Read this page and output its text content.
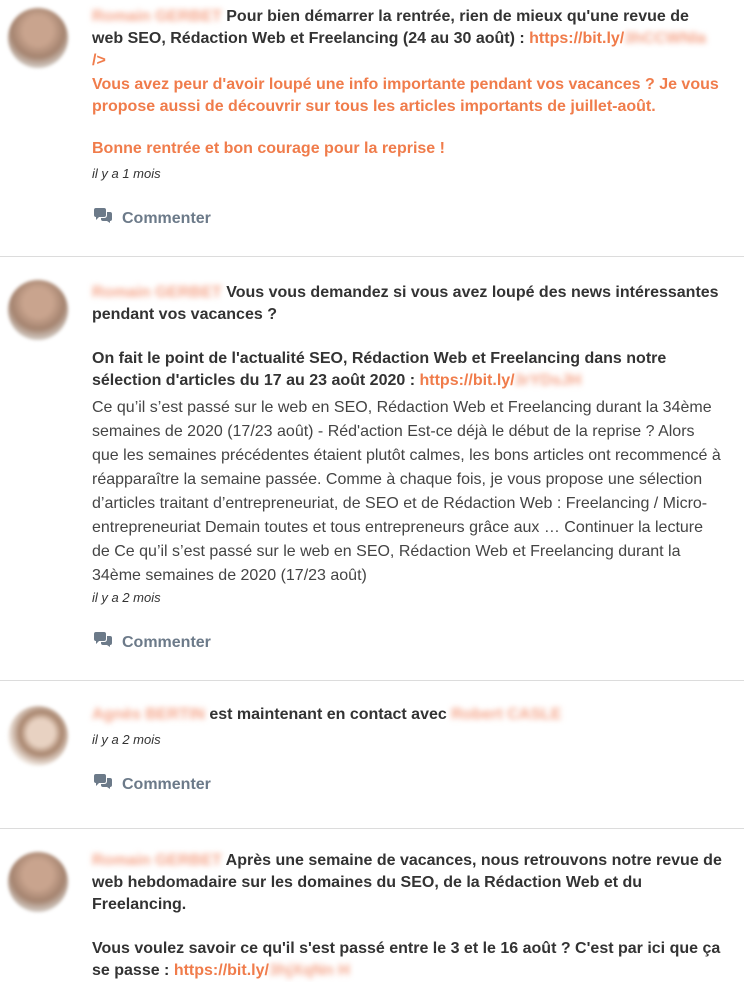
Romain GERBET Pour bien démarrer la rentrée, rien de mieux qu'une revue de web SEO, Rédaction Web et Freelancing (24 au 30 août) : https://bit.ly/3hCCWNIa />
Vous avez peur d'avoir loupé une info importante pendant vos vacances ? Je vous propose aussi de découvrir sur tous les articles importants de juillet-août.
Bonne rentrée et bon courage pour la reprise !
il y a 1 mois
Commenter
Romain GERBET Vous vous demandez si vous avez loupé des news intéressantes pendant vos vacances ?
On fait le point de l'actualité SEO, Rédaction Web et Freelancing dans notre sélection d'articles du 17 au 23 août 2020 : https://bit.ly/3rYDsJH
Ce qu’il s’est passé sur le web en SEO, Rédaction Web et Freelancing durant la 34ème semaines de 2020 (17/23 août) - Réd'action Est-ce déjà le début de la reprise ? Alors que les semaines précédentes étaient plutôt calmes, les bons articles ont recommencé à réapparaître la semaine passée. Comme à chaque fois, je vous propose une sélection d’articles traitant d’entrepreneuriat, de SEO et de Rédaction Web : Freelancing / Micro-entrepreneuriat Demain toutes et tous entrepreneurs grâce aux … Continuer la lecture de Ce qu’il s’est passé sur le web en SEO, Rédaction Web et Freelancing durant la 34ème semaines de 2020 (17/23 août)
il y a 2 mois
Commenter
Agnès BERTIN est maintenant en contact avec Robert CASLE
il y a 2 mois
Commenter
Romain GERBET Après une semaine de vacances, nous retrouvons notre revue de web hebdomadaire sur les domaines du SEO, de la Rédaction Web et du Freelancing.
Vous voulez savoir ce qu'il s'est passé entre le 3 et le 16 août ? C'est par ici que ça se passe : https://bit.ly/3hjXqNn H
